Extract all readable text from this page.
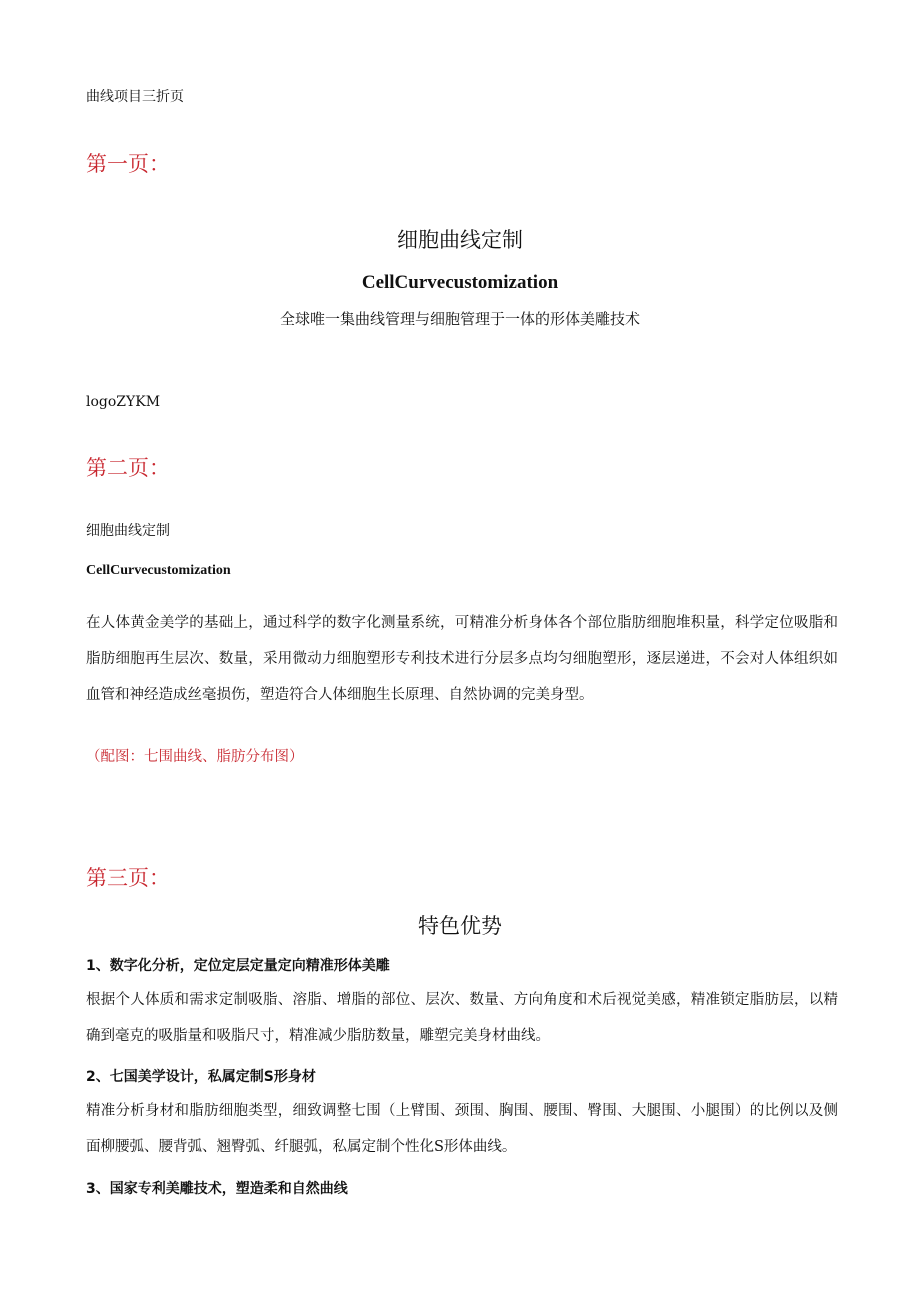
曲线项目三折页

第一页：

细胞曲线定制

CellCurvecustomization

全球唯一集曲线管理与细胞管理于一体的形体美雕技术

logoZYKM

第二页：

细胞曲线定制

CellCurvecustomization

在人体黄金美学的基础上，通过科学的数字化测量系统，可精准分析身体各个部位脂肪细胞堆积量，科学定位吸脂和脂肪细胞再生层次、数量，采用微动力细胞塑形专利技术进行分层多点均匀细胞塑形，逐层递进，不会对人体组织如血管和神经造成丝毫损伤，塑造符合人体细胞生长原理、自然协调的完美身型。

（配图：七围曲线、脂肪分布图）

第三页：

特色优势

1、数字化分析，定位定层定量定向精准形体美雕

根据个人体质和需求定制吸脂、溶脂、增脂的部位、层次、数量、方向角度和术后视觉美感，精准锁定脂肪层，以精确到毫克的吸脂量和吸脂尺寸，精准减少脂肪数量，雕塑完美身材曲线。

2、七国美学设计，私属定制S形身材

精准分析身材和脂肪细胞类型，细致调整七围（上臂围、颈围、胸围、腰围、臀围、大腿围、小腿围）的比例以及侧面柳腰弧、腰背弧、翘臀弧、纤腿弧，私属定制个性化S形体曲线。

3、国家专利美雕技术，塑造柔和自然曲线
